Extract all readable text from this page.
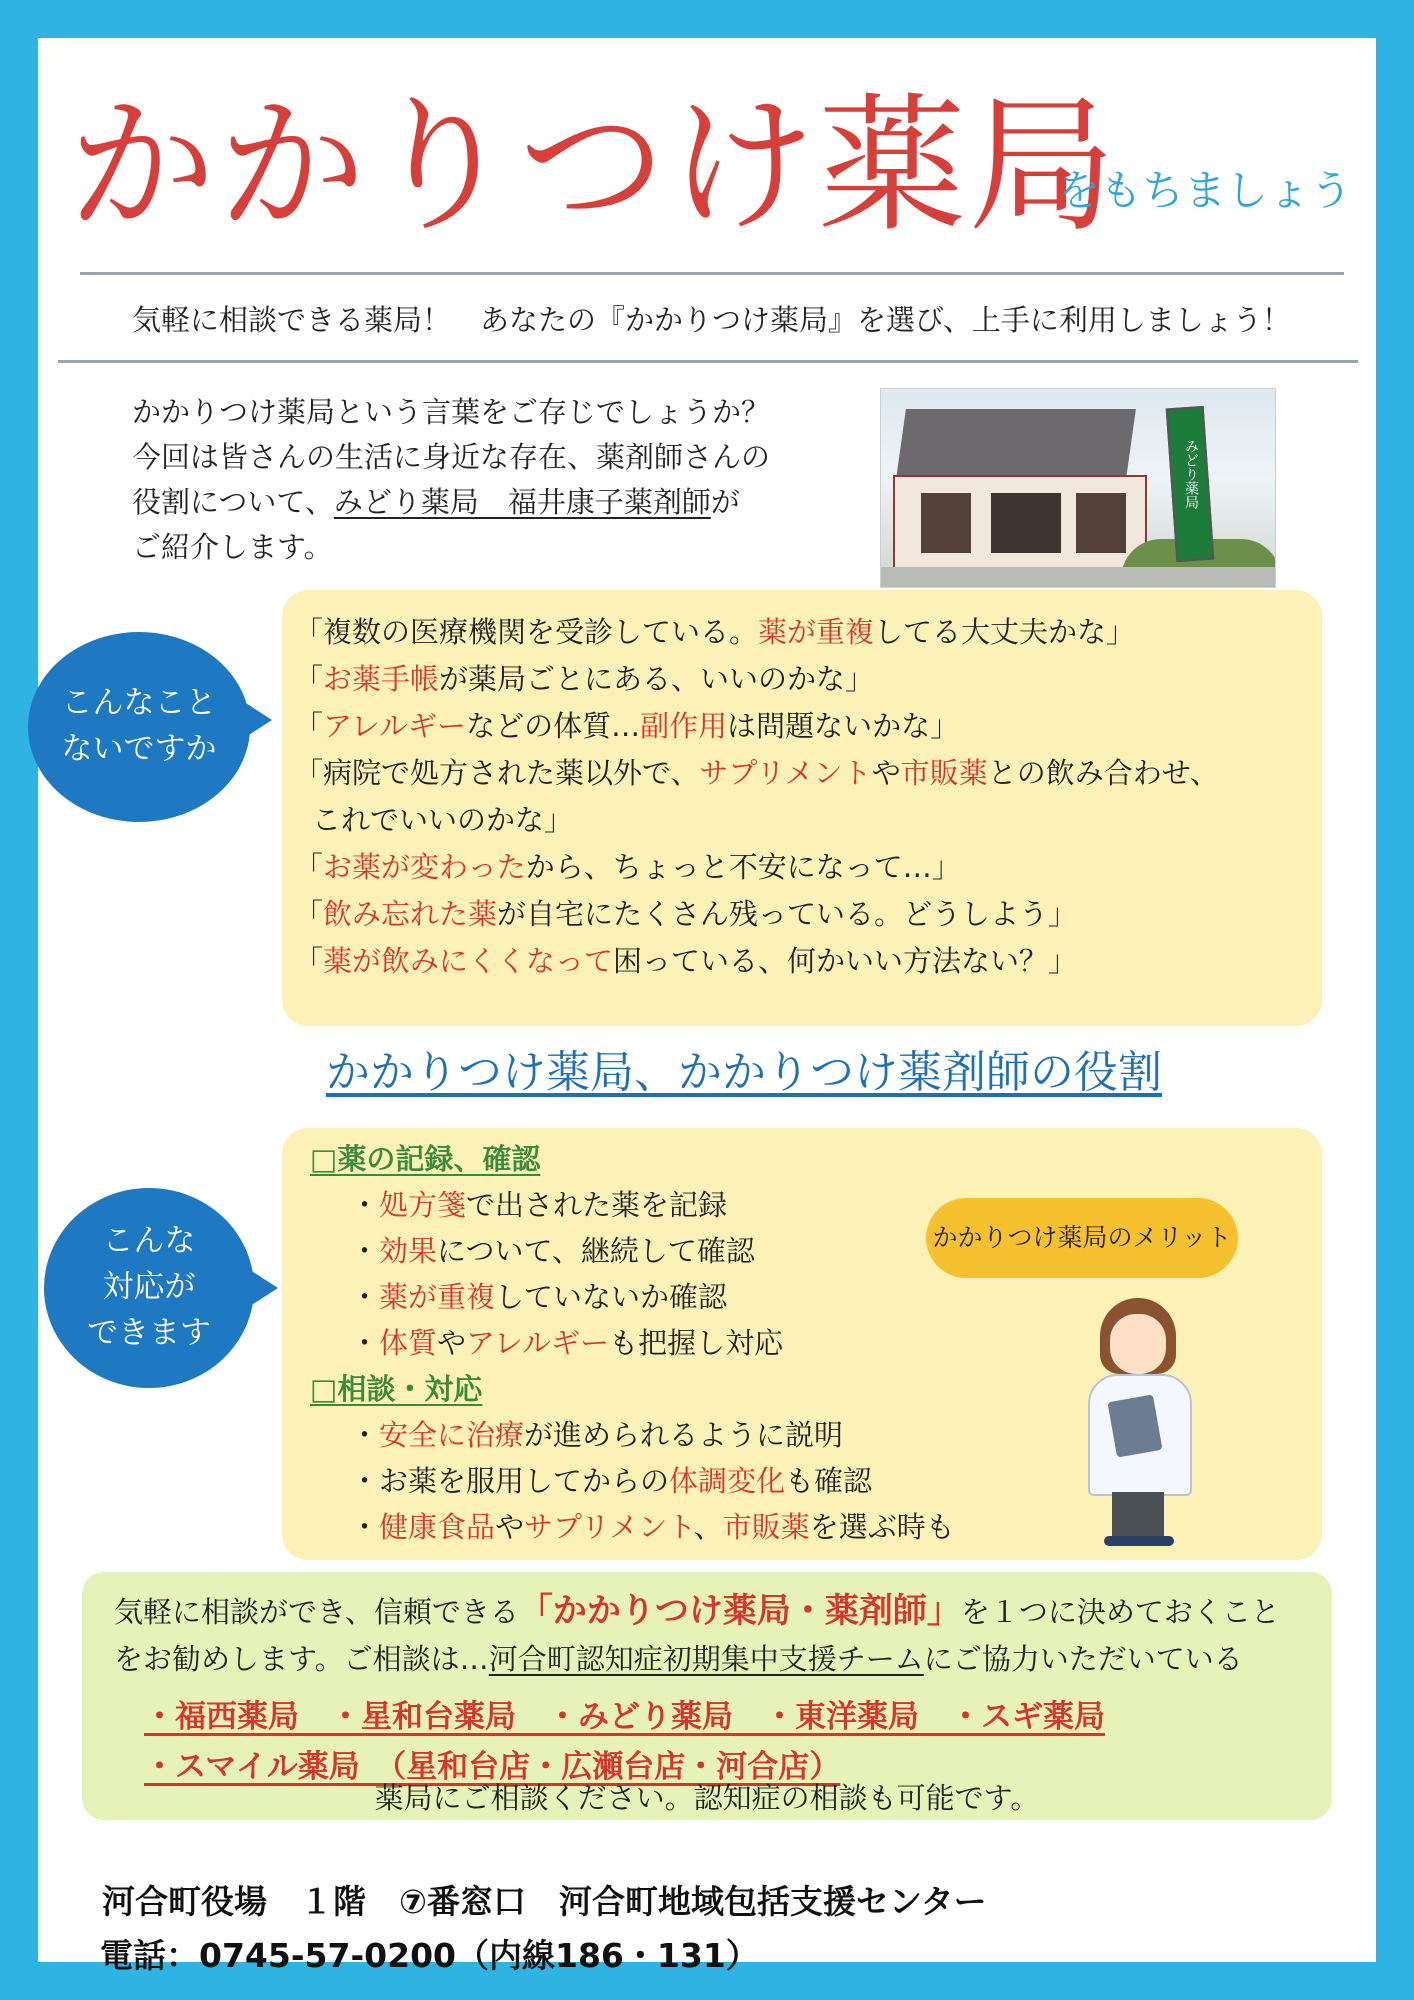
かかりつけ薬局
をもちましょう
気軽に相談できる薬局！　あなたの『かかりつけ薬局』を選び、上手に利用しましょう！

かかりつけ薬局という言葉をご存じでしょうか？

今回は皆さんの生活に身近な存在、薬剤師さんの

役割について、みどり薬局　福井康子薬剤師が

ご紹介します。

みどり薬局
こんなこと
ないですか

「複数の医療機関を受診している。薬が重複してる大丈夫かな」

「お薬手帳が薬局ごとにある、いいのかな」

「アレルギーなどの体質…副作用は問題ないかな」

「病院で処方された薬以外で、サプリメントや市販薬との飲み合わせ、

これでいいのかな」

「お薬が変わったから、ちょっと不安になって…」

「飲み忘れた薬が自宅にたくさん残っている。どうしよう」

「薬が飲みにくくなって困っている、何かいい方法ない？」

かかりつけ薬局、かかりつけ薬剤師の役割
こんな
対応が
できます

□薬の記録、確認

・処方箋で出された薬を記録

・効果について、継続して確認

・薬が重複していないか確認

・体質やアレルギーも把握し対応

□相談・対応

・安全に治療が進められるように説明

・お薬を服用してからの体調変化も確認

・健康食品やサプリメント、市販薬を選ぶ時も

かかりつけ薬局のメリット

気軽に相談ができ、信頼できる「かかりつけ薬局・薬剤師」を１つに決めておくこと

をお勧めします。ご相談は…河合町認知症初期集中支援チームにご協力いただいている

・福西薬局　・星和台薬局　・みどり薬局　・東洋薬局　・スギ薬局

・スマイル薬局　（星和台店・広瀬台店・河合店）

薬局にご相談ください。認知症の相談も可能です。
河合町役場　１階　⑦番窓口　河合町地域包括支援センター
電話：0745-57-0200（内線186・131）
